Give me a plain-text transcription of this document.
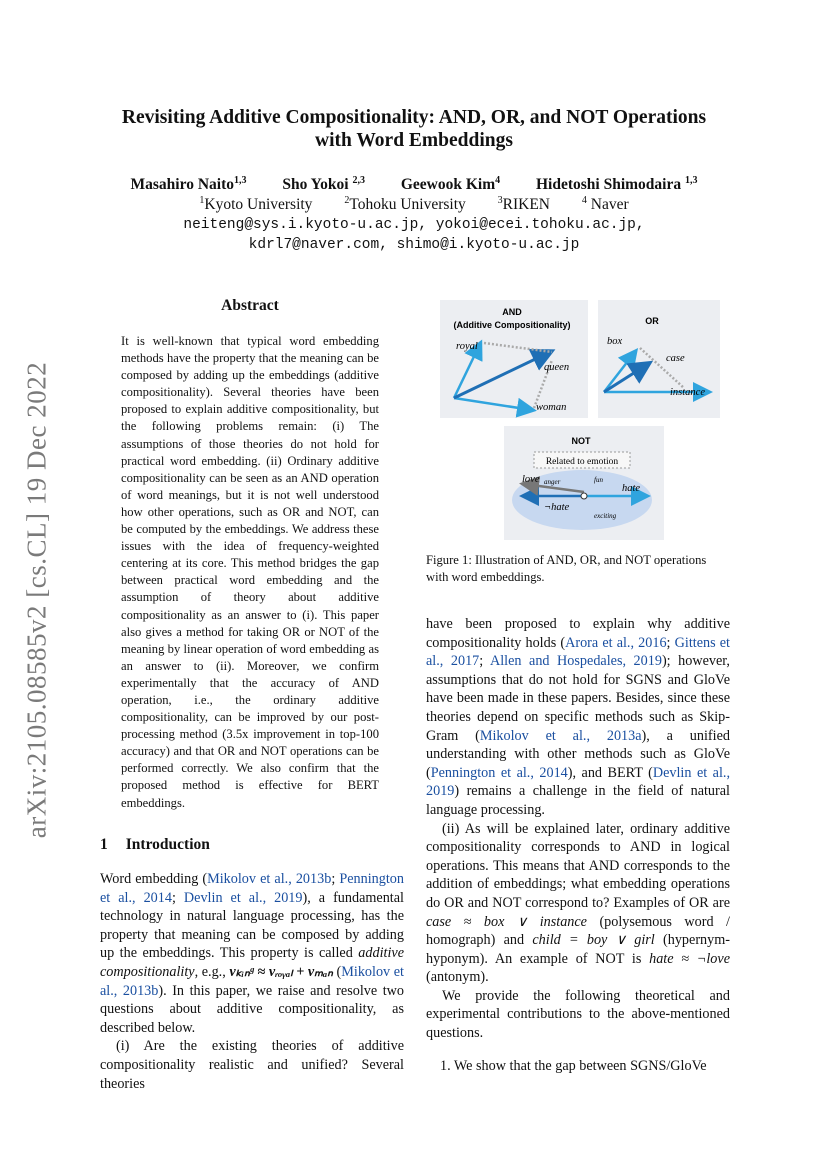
Revisiting Additive Compositionality: AND, OR, and NOT Operations
with Word Embeddings
Masahiro Naito$^{1,3}$ Sho Yokoi $^{2,3}$ Geewook Kim$^4$ Hidetoshi Shimodaira $^{1,3}$
$^1$Kyoto University	$^2$Tohoku University	$^3$RIKEN	$^4$ Naver
neiteng@sys.i.kyoto-u.ac.jp, yokoi@ecei.tohoku.ac.jp,
kdrl7@naver.com, shimo@i.kyoto-u.ac.jp
arXiv:2105.08585v2 [cs.CL] 19 Dec 2022
Abstract
It is well-known that typical word embedding methods have the property that the meaning can be composed by adding up the embeddings (additive compositionality). Several theories have been proposed to explain additive compositionality, but the following problems remain: (i) The assumptions of those theories do not hold for practical word embedding. (ii) Ordinary additive compositionality can be seen as an AND operation of word meanings, but it is not well understood how other operations, such as OR and NOT, can be computed by the embeddings. We address these issues with the idea of frequency-weighted centering at its core. This method bridges the gap between practical word embedding and the assumption of theory about additive compositionality as an answer to (i). This paper also gives a method for taking OR or NOT of the meaning by linear operation of word embedding as an answer to (ii). Moreover, we confirm experimentally that the accuracy of AND operation, i.e., the ordinary additive compositionality, can be improved by our post-processing method (3.5x improvement in top-100 accuracy) and that OR and NOT operations can be performed correctly. We also confirm that the proposed method is effective for BERT embeddings.
1 Introduction

Word embedding (Mikolov et al., 2013b; Pennington et al., 2014; Devlin et al., 2019), a fundamental technology in natural language processing, has the property that meaning can be composed by adding up the embeddings. This property is called additive compositionality, e.g., vₖᵢₙᵍ ≈ vᵣₒᵧₐₗ + vₘₐₙ (Mikolov et al., 2013b). In this paper, we raise and resolve two questions about additive compositionality, as described below.

(i) Are the existing theories of additive compositionality realistic and unified? Several theories

AND
(Additive Compositionality)
royal
queen
woman
OR
box
case
instance
NOT
Related to emotion
love anger	fun
hate
¬hate
exciting
Figure 1: Illustration of AND, OR, and NOT operations with word embeddings.

have been proposed to explain why additive compositionality holds (Arora et al., 2016; Gittens et al., 2017; Allen and Hospedales, 2019); however, assumptions that do not hold for SGNS and GloVe have been made in these papers. Besides, since these theories depend on specific methods such as Skip-Gram (Mikolov et al., 2013a), a unified understanding with other methods such as GloVe (Pennington et al., 2014), and BERT (Devlin et al., 2019) remains a challenge in the field of natural language processing.

(ii) As will be explained later, ordinary additive compositionality corresponds to AND in logical operations. This means that AND corresponds to the addition of embeddings; what embedding operations do OR and NOT correspond to? Examples of OR are case ≈ box ∨ instance (polysemous word / homograph) and child = boy ∨ girl (hypernym-hyponym). An example of NOT is hate ≈ ¬love (antonym).

We provide the following theoretical and experimental contributions to the above-mentioned questions.

1. We show that the gap between SGNS/GloVe
